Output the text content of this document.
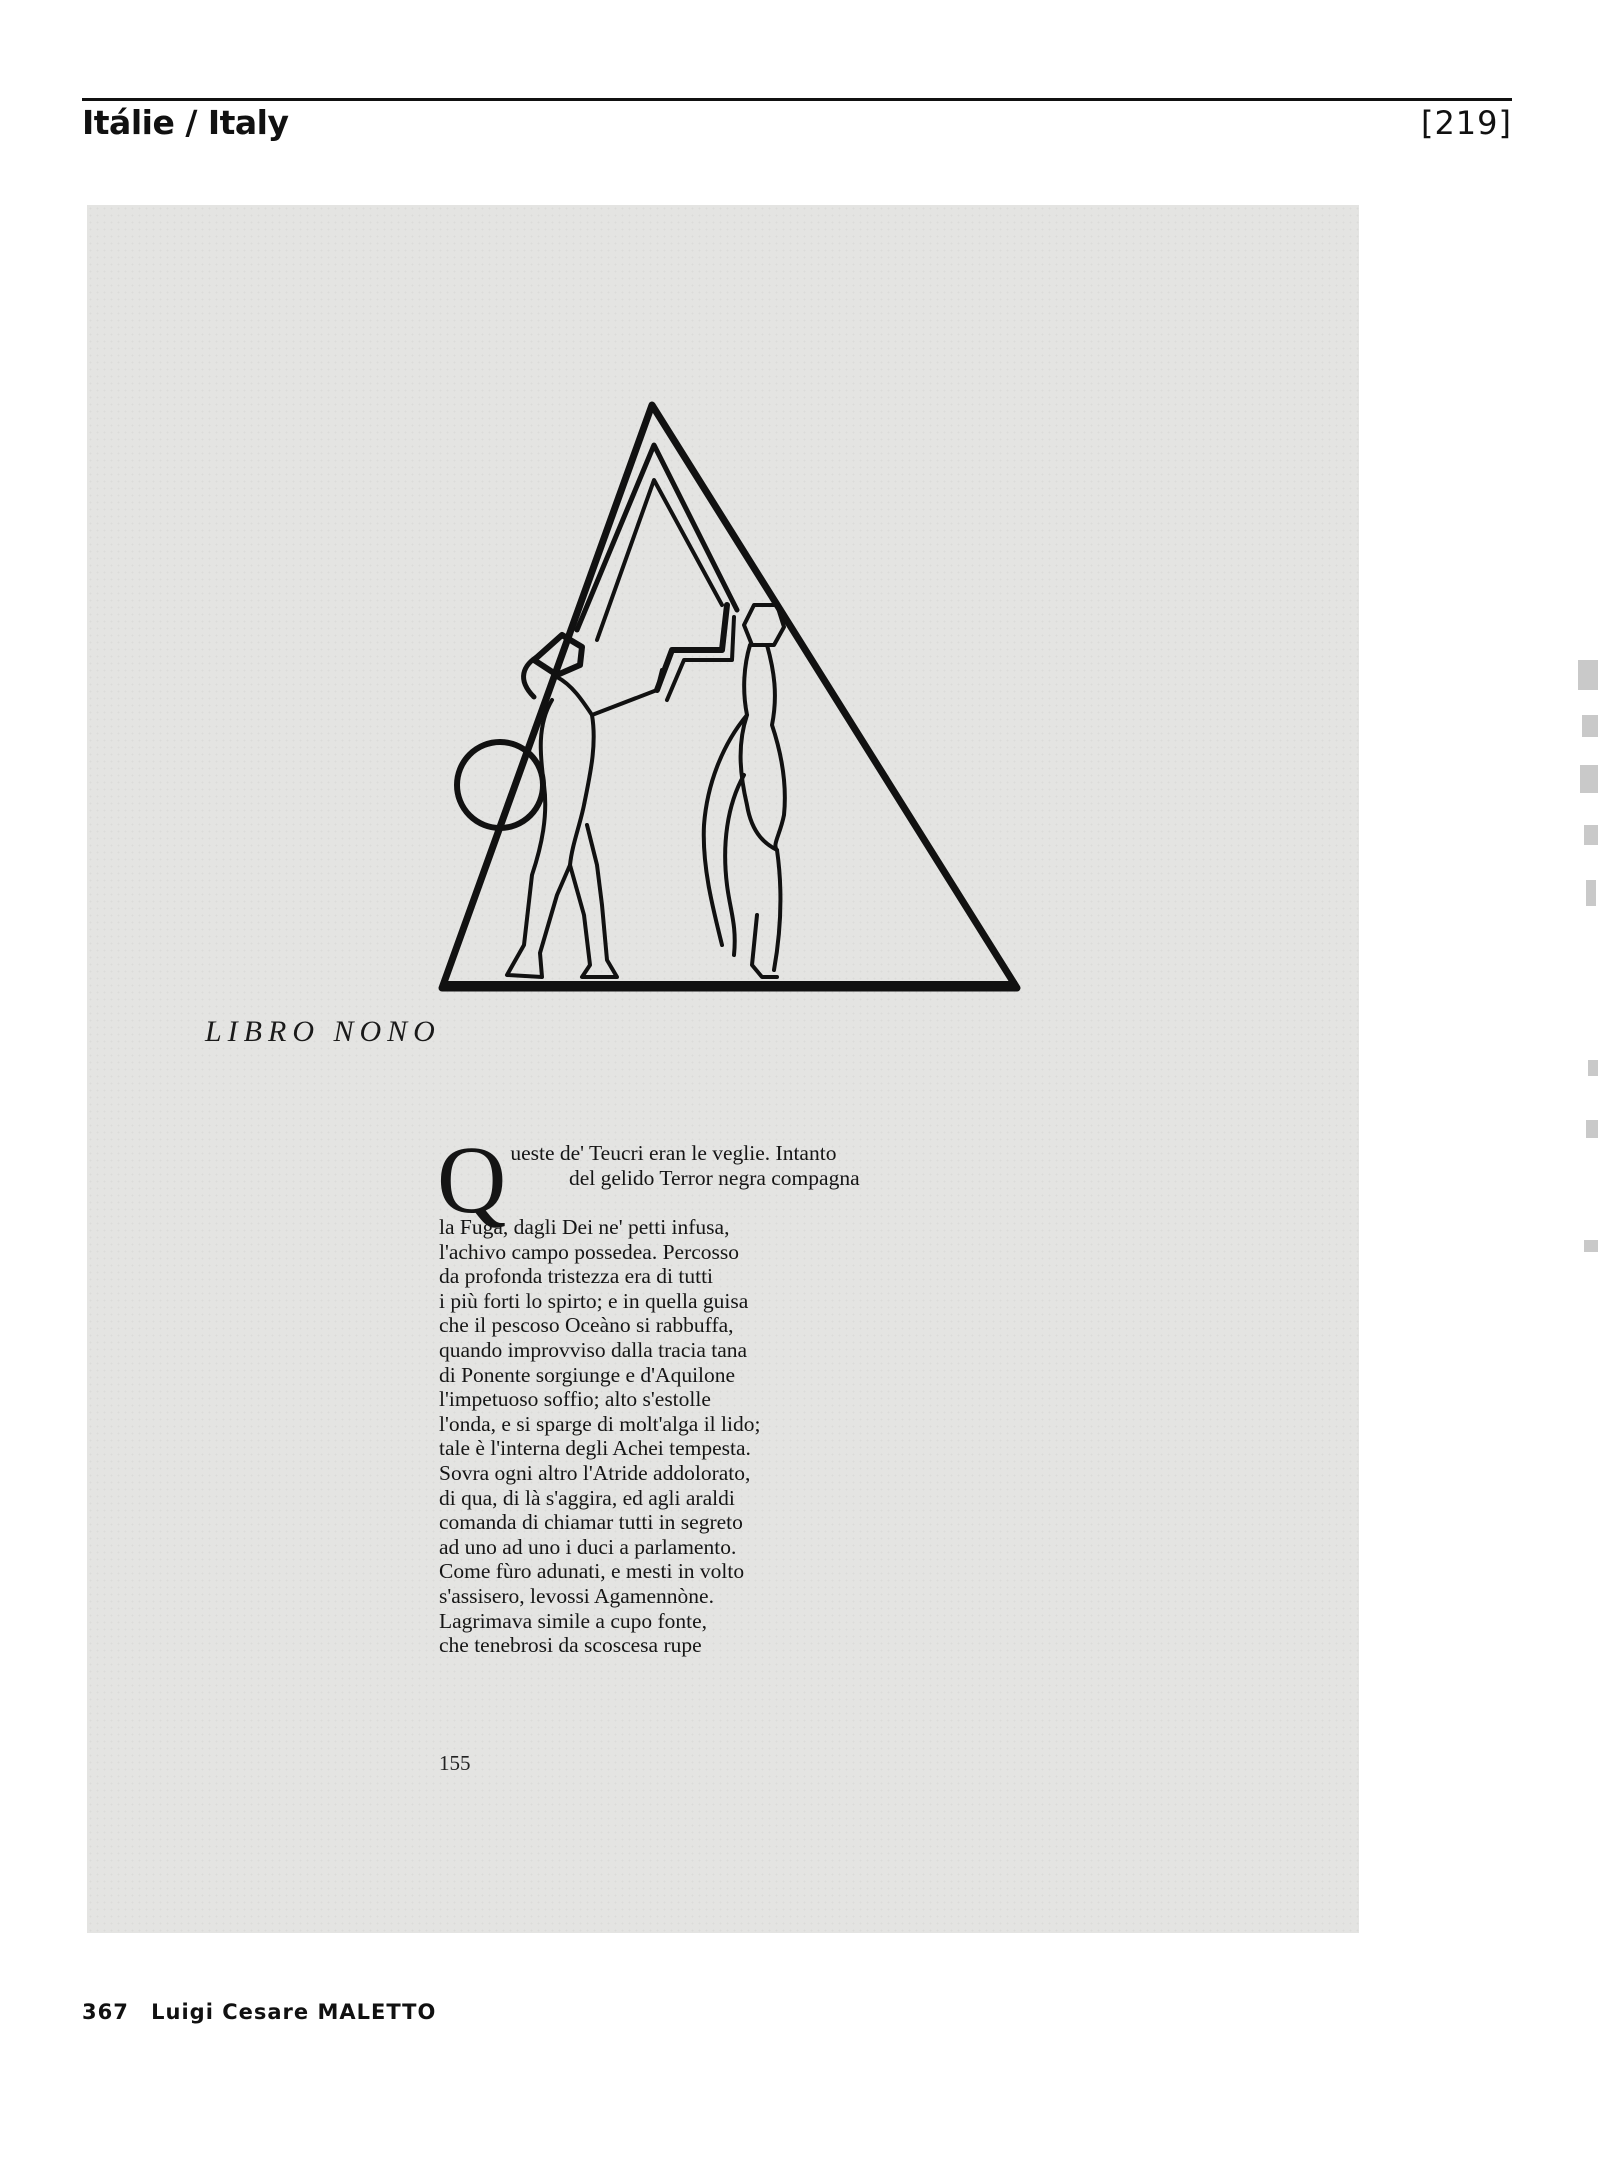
Itálie / Italy	[219]
LIBRO NONO
Q ueste de' Teucri eran le veglie. Intanto
del gelido Terror negra compagna
la Fuga, dagli Dei ne' petti infusa,
l'achivo campo possedea. Percosso
da profonda tristezza era di tutti
i più forti lo spirto; e in quella guisa
che il pescoso Oceàno si rabbuffa,
quando improvviso dalla tracia tana
di Ponente sorgiunge e d'Aquilone
l'impetuoso soffio; alto s'estolle
l'onda, e si sparge di molt'alga il lido;
tale è l'interna degli Achei tempesta.
Sovra ogni altro l'Atride addolorato,
di qua, di là s'aggira, ed agli araldi
comanda di chiamar tutti in segreto
ad uno ad uno i duci a parlamento.
Come fùro adunati, e mesti in volto
s'assisero, levossi Agamennòne.
Lagrimava simile a cupo fonte,
che tenebrosi da scoscesa rupe
155
367 Luigi Cesare MALETTO
